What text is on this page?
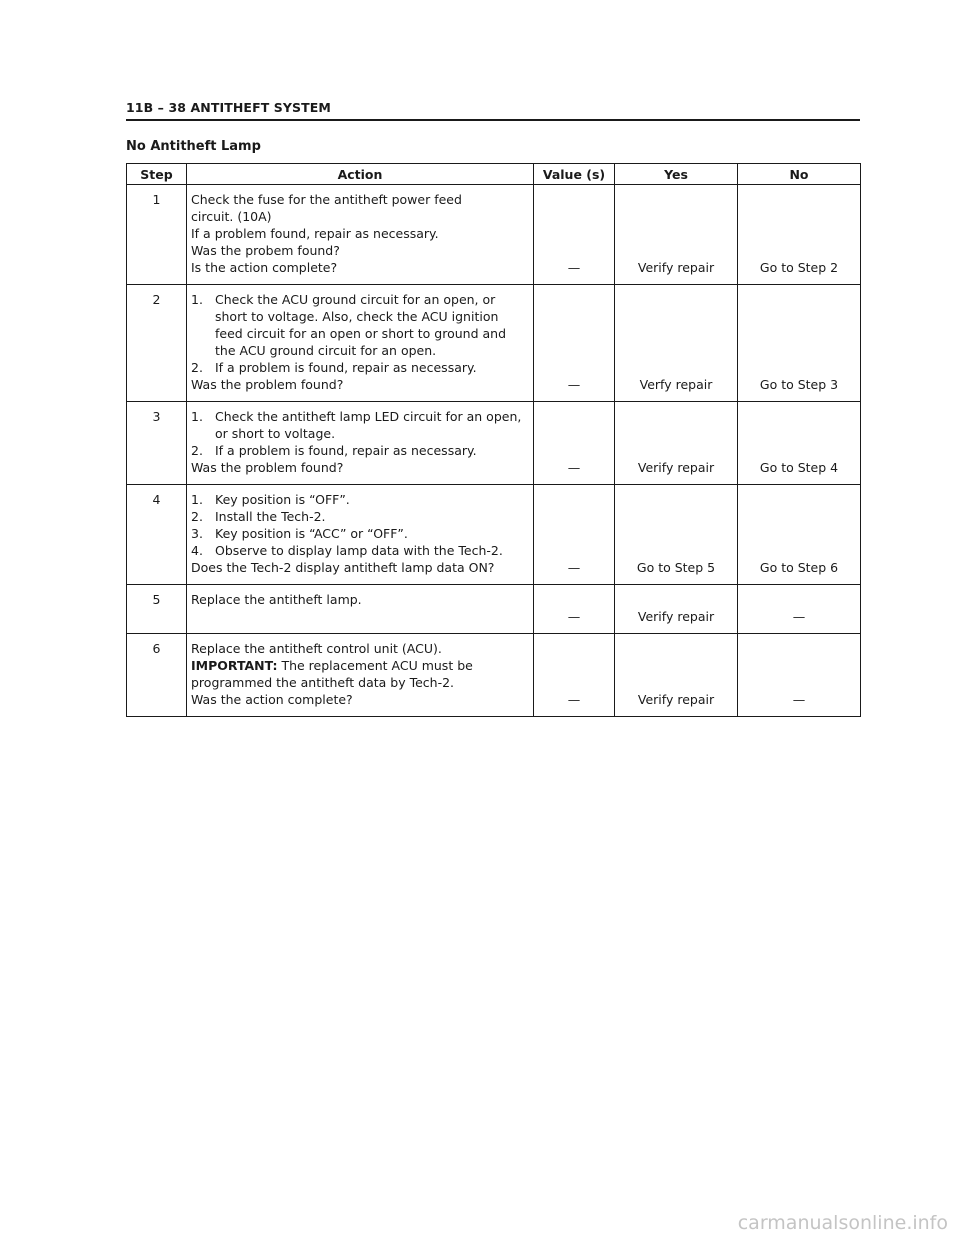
11B – 38 ANTITHEFT SYSTEM
No Antitheft Lamp
Step	Action	Value (s)	Yes	No
1	Check the fuse for the antitheft power feed
circuit. (10A)
If a problem found, repair as necessary.
Was the probem found?
Is the action complete?	—	Verify repair	Go to Step 2
2	1. Check the ACU ground circuit for an open, or short to voltage. Also, check the ACU ignition feed circuit for an open or short to ground and the ACU ground circuit for an open.
2. If a problem is found, repair as necessary.
Was the problem found?	—	Verfy repair	Go to Step 3
3	1. Check the antitheft lamp LED circuit for an open, or short to voltage.
2. If a problem is found, repair as necessary.
Was the problem found?	—	Verify repair	Go to Step 4
4	1. Key position is “OFF”.
2. Install the Tech-2.
3. Key position is “ACC” or “OFF”.
4. Observe to display lamp data with the Tech-2.
Does the Tech-2 display antitheft lamp data ON?	—	Go to Step 5	Go to Step 6
5	Replace the antitheft lamp.	—	Verify repair	—
6	Replace the antitheft control unit (ACU).
IMPORTANT: The replacement ACU must be
programmed the antitheft data by Tech-2.
Was the action complete?	—	Verify repair	—
carmanualsonline.info
